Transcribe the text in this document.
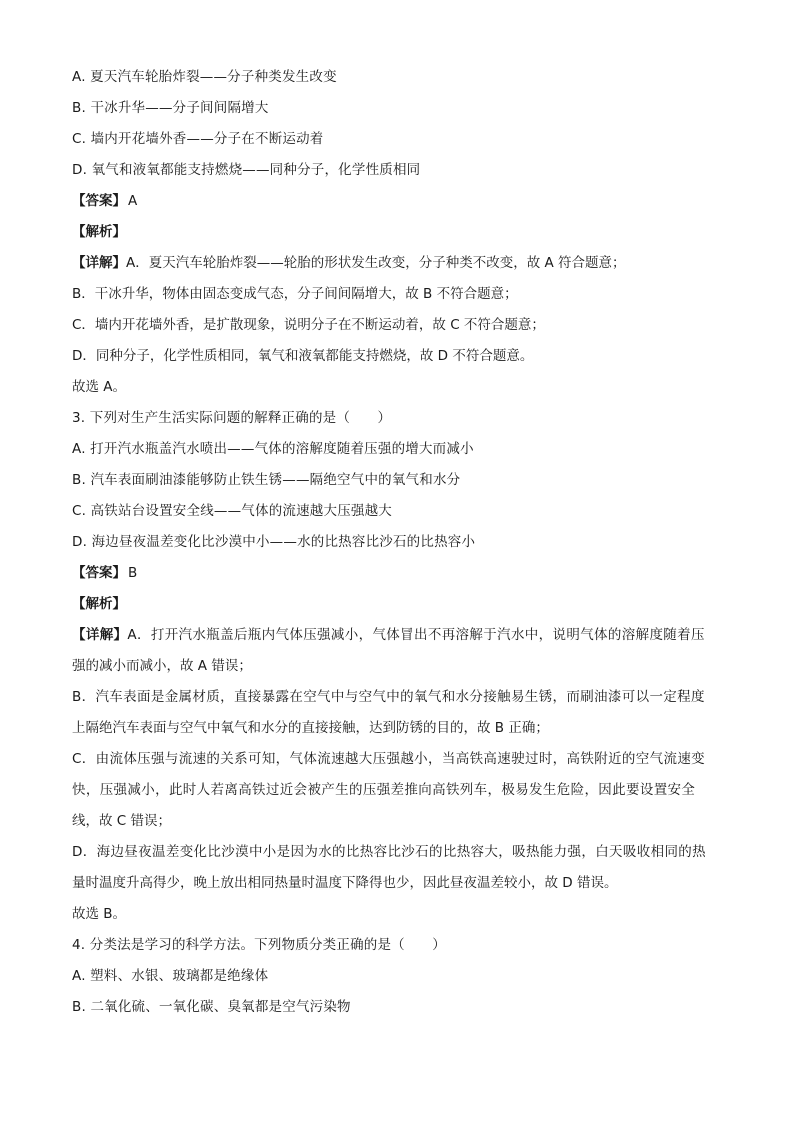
A. 夏天汽车轮胎炸裂——分子种类发生改变
B. 干冰升华——分子间间隔增大
C. 墙内开花墙外香——分子在不断运动着
D. 氧气和液氧都能支持燃烧——同种分子，化学性质相同
【答案】 A
【解析】
【详解】A．夏天汽车轮胎炸裂——轮胎的形状发生改变，分子种类不改变，故 A 符合题意；
B．干冰升华，物体由固态变成气态，分子间间隔增大，故 B 不符合题意；
C．墙内开花墙外香，是扩散现象，说明分子在不断运动着，故 C 不符合题意；
D．同种分子，化学性质相同，氧气和液氧都能支持燃烧，故 D 不符合题意。
故选 A。
3. 下列对生产生活实际问题的解释正确的是（　　）
A. 打开汽水瓶盖汽水喷出——气体的溶解度随着压强的增大而减小
B. 汽车表面刷油漆能够防止铁生锈——隔绝空气中的氧气和水分
C. 高铁站台设置安全线——气体的流速越大压强越大
D. 海边昼夜温差变化比沙漠中小——水的比热容比沙石的比热容小
【答案】 B
【解析】
【详解】A．打开汽水瓶盖后瓶内气体压强减小，气体冒出不再溶解于汽水中，说明气体的溶解度随着压
强的减小而减小，故 A 错误；
B．汽车表面是金属材质，直接暴露在空气中与空气中的氧气和水分接触易生锈，而刷油漆可以一定程度
上隔绝汽车表面与空气中氧气和水分的直接接触，达到防锈的目的，故 B 正确；
C．由流体压强与流速的关系可知，气体流速越大压强越小，当高铁高速驶过时，高铁附近的空气流速变
快，压强减小，此时人若离高铁过近会被产生的压强差推向高铁列车，极易发生危险，因此要设置安全
线，故 C 错误；
D．海边昼夜温差变化比沙漠中小是因为水的比热容比沙石的比热容大，吸热能力强，白天吸收相同的热
量时温度升高得少，晚上放出相同热量时温度下降得也少，因此昼夜温差较小，故 D 错误。
故选 B。
4. 分类法是学习的科学方法。下列物质分类正确的是（　　）
A. 塑料、水银、玻璃都是绝缘体
B. 二氧化硫、一氧化碳、臭氧都是空气污染物
